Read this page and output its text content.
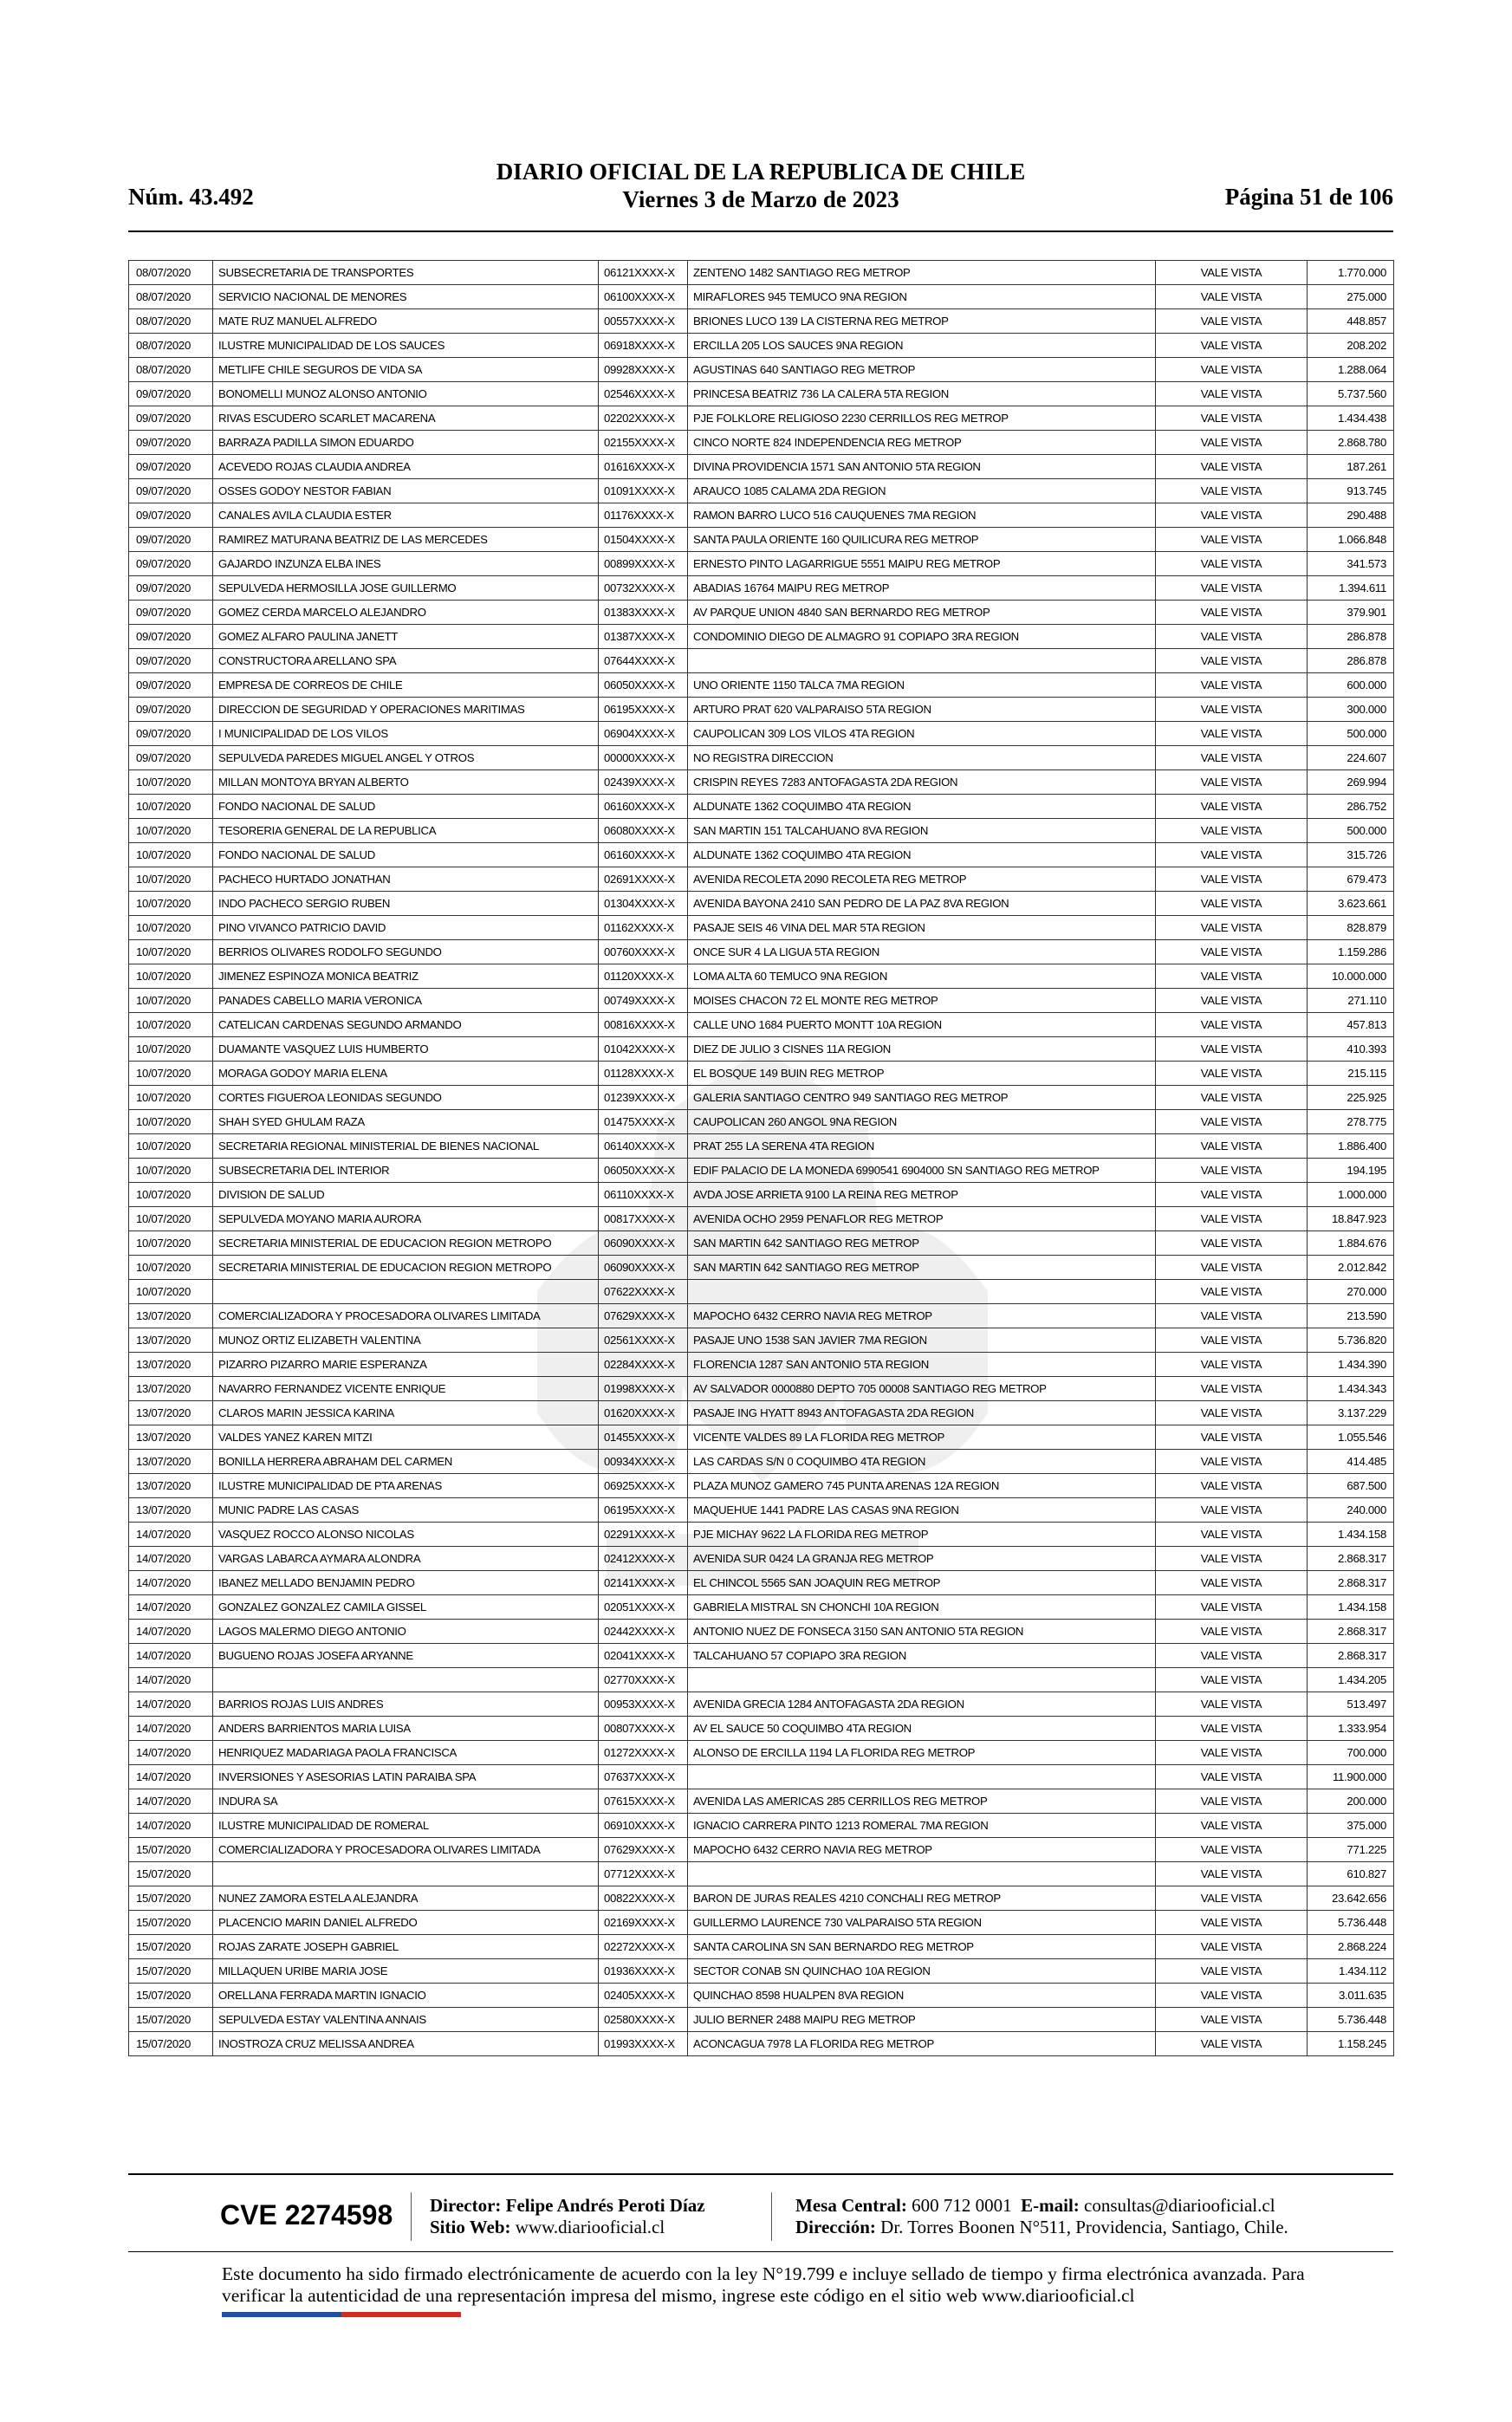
Núm. 43.492
DIARIO OFICIAL DE LA REPUBLICA DE CHILE
Viernes 3 de Marzo de 2023	Página 51 de 106
08/07/2020	SUBSECRETARIA DE TRANSPORTES	06121XXXX-X	ZENTENO 1482 SANTIAGO REG METROP	VALE VISTA	1.770.000
08/07/2020	SERVICIO NACIONAL DE MENORES	06100XXXX-X	MIRAFLORES 945 TEMUCO 9NA REGION	VALE VISTA	275.000
08/07/2020	MATE RUZ MANUEL ALFREDO	00557XXXX-X	BRIONES LUCO 139 LA CISTERNA REG METROP	VALE VISTA	448.857
08/07/2020	ILUSTRE MUNICIPALIDAD DE LOS SAUCES	06918XXXX-X	ERCILLA 205 LOS SAUCES 9NA REGION	VALE VISTA	208.202
08/07/2020	METLIFE CHILE SEGUROS DE VIDA SA	09928XXXX-X	AGUSTINAS 640 SANTIAGO REG METROP	VALE VISTA	1.288.064
09/07/2020	BONOMELLI MUNOZ ALONSO ANTONIO	02546XXXX-X	PRINCESA BEATRIZ 736 LA CALERA 5TA REGION	VALE VISTA	5.737.560
09/07/2020	RIVAS ESCUDERO SCARLET MACARENA	02202XXXX-X	PJE FOLKLORE RELIGIOSO 2230 CERRILLOS REG METROP	VALE VISTA	1.434.438
09/07/2020	BARRAZA PADILLA SIMON EDUARDO	02155XXXX-X	CINCO NORTE 824 INDEPENDENCIA REG METROP	VALE VISTA	2.868.780
09/07/2020	ACEVEDO ROJAS CLAUDIA ANDREA	01616XXXX-X	DIVINA PROVIDENCIA 1571 SAN ANTONIO 5TA REGION	VALE VISTA	187.261
09/07/2020	OSSES GODOY NESTOR FABIAN	01091XXXX-X	ARAUCO 1085 CALAMA 2DA REGION	VALE VISTA	913.745
09/07/2020	CANALES AVILA CLAUDIA ESTER	01176XXXX-X	RAMON BARRO LUCO 516 CAUQUENES 7MA REGION	VALE VISTA	290.488
09/07/2020	RAMIREZ MATURANA BEATRIZ DE LAS MERCEDES	01504XXXX-X	SANTA PAULA ORIENTE 160 QUILICURA REG METROP	VALE VISTA	1.066.848
09/07/2020	GAJARDO INZUNZA ELBA INES	00899XXXX-X	ERNESTO PINTO LAGARRIGUE 5551 MAIPU REG METROP	VALE VISTA	341.573
09/07/2020	SEPULVEDA HERMOSILLA JOSE GUILLERMO	00732XXXX-X	ABADIAS 16764 MAIPU REG METROP	VALE VISTA	1.394.611
09/07/2020	GOMEZ CERDA MARCELO ALEJANDRO	01383XXXX-X	AV PARQUE UNION 4840 SAN BERNARDO REG METROP	VALE VISTA	379.901
09/07/2020	GOMEZ ALFARO PAULINA JANETT	01387XXXX-X	CONDOMINIO DIEGO DE ALMAGRO 91 COPIAPO 3RA REGION	VALE VISTA	286.878
09/07/2020	CONSTRUCTORA ARELLANO SPA	07644XXXX-X		VALE VISTA	286.878
09/07/2020	EMPRESA DE CORREOS DE CHILE	06050XXXX-X	UNO ORIENTE 1150 TALCA 7MA REGION	VALE VISTA	600.000
09/07/2020	DIRECCION DE SEGURIDAD Y OPERACIONES MARITIMAS	06195XXXX-X	ARTURO PRAT 620 VALPARAISO 5TA REGION	VALE VISTA	300.000
09/07/2020	I MUNICIPALIDAD DE LOS VILOS	06904XXXX-X	CAUPOLICAN 309 LOS VILOS 4TA REGION	VALE VISTA	500.000
09/07/2020	SEPULVEDA PAREDES MIGUEL ANGEL Y OTROS	00000XXXX-X	NO REGISTRA DIRECCION	VALE VISTA	224.607
10/07/2020	MILLAN MONTOYA BRYAN ALBERTO	02439XXXX-X	CRISPIN REYES 7283 ANTOFAGASTA 2DA REGION	VALE VISTA	269.994
10/07/2020	FONDO NACIONAL DE SALUD	06160XXXX-X	ALDUNATE 1362 COQUIMBO 4TA REGION	VALE VISTA	286.752
10/07/2020	TESORERIA GENERAL DE LA REPUBLICA	06080XXXX-X	SAN MARTIN 151 TALCAHUANO 8VA REGION	VALE VISTA	500.000
10/07/2020	FONDO NACIONAL DE SALUD	06160XXXX-X	ALDUNATE 1362 COQUIMBO 4TA REGION	VALE VISTA	315.726
10/07/2020	PACHECO HURTADO JONATHAN	02691XXXX-X	AVENIDA RECOLETA 2090 RECOLETA REG METROP	VALE VISTA	679.473
10/07/2020	INDO PACHECO SERGIO RUBEN	01304XXXX-X	AVENIDA BAYONA 2410 SAN PEDRO DE LA PAZ 8VA REGION	VALE VISTA	3.623.661
10/07/2020	PINO VIVANCO PATRICIO DAVID	01162XXXX-X	PASAJE SEIS 46 VINA DEL MAR 5TA REGION	VALE VISTA	828.879
10/07/2020	BERRIOS OLIVARES RODOLFO SEGUNDO	00760XXXX-X	ONCE SUR 4 LA LIGUA 5TA REGION	VALE VISTA	1.159.286
10/07/2020	JIMENEZ ESPINOZA MONICA BEATRIZ	01120XXXX-X	LOMA ALTA 60 TEMUCO 9NA REGION	VALE VISTA	10.000.000
10/07/2020	PANADES CABELLO MARIA VERONICA	00749XXXX-X	MOISES CHACON 72 EL MONTE REG METROP	VALE VISTA	271.110
10/07/2020	CATELICAN CARDENAS SEGUNDO ARMANDO	00816XXXX-X	CALLE UNO 1684 PUERTO MONTT 10A REGION	VALE VISTA	457.813
10/07/2020	DUAMANTE VASQUEZ LUIS HUMBERTO	01042XXXX-X	DIEZ DE JULIO 3 CISNES 11A REGION	VALE VISTA	410.393
10/07/2020	MORAGA GODOY MARIA ELENA	01128XXXX-X	EL BOSQUE 149 BUIN REG METROP	VALE VISTA	215.115
10/07/2020	CORTES FIGUEROA LEONIDAS SEGUNDO	01239XXXX-X	GALERIA SANTIAGO CENTRO 949 SANTIAGO REG METROP	VALE VISTA	225.925
10/07/2020	SHAH SYED GHULAM RAZA	01475XXXX-X	CAUPOLICAN 260 ANGOL 9NA REGION	VALE VISTA	278.775
10/07/2020	SECRETARIA REGIONAL MINISTERIAL DE BIENES NACIONAL	06140XXXX-X	PRAT 255 LA SERENA 4TA REGION	VALE VISTA	1.886.400
10/07/2020	SUBSECRETARIA DEL INTERIOR	06050XXXX-X	EDIF PALACIO DE LA MONEDA 6990541 6904000 SN SANTIAGO REG METROP	VALE VISTA	194.195
10/07/2020	DIVISION DE SALUD	06110XXXX-X	AVDA JOSE ARRIETA 9100 LA REINA REG METROP	VALE VISTA	1.000.000
10/07/2020	SEPULVEDA MOYANO MARIA AURORA	00817XXXX-X	AVENIDA OCHO 2959 PENAFLOR REG METROP	VALE VISTA	18.847.923
10/07/2020	SECRETARIA MINISTERIAL DE EDUCACION REGION METROPO	06090XXXX-X	SAN MARTIN 642 SANTIAGO REG METROP	VALE VISTA	1.884.676
10/07/2020	SECRETARIA MINISTERIAL DE EDUCACION REGION METROPO	06090XXXX-X	SAN MARTIN 642 SANTIAGO REG METROP	VALE VISTA	2.012.842
10/07/2020		07622XXXX-X		VALE VISTA	270.000
13/07/2020	COMERCIALIZADORA Y PROCESADORA OLIVARES LIMITADA	07629XXXX-X	MAPOCHO 6432 CERRO NAVIA REG METROP	VALE VISTA	213.590
13/07/2020	MUNOZ ORTIZ ELIZABETH VALENTINA	02561XXXX-X	PASAJE UNO 1538 SAN JAVIER 7MA REGION	VALE VISTA	5.736.820
13/07/2020	PIZARRO PIZARRO MARIE ESPERANZA	02284XXXX-X	FLORENCIA 1287 SAN ANTONIO 5TA REGION	VALE VISTA	1.434.390
13/07/2020	NAVARRO FERNANDEZ VICENTE ENRIQUE	01998XXXX-X	AV SALVADOR 0000880 DEPTO 705 00008 SANTIAGO REG METROP	VALE VISTA	1.434.343
13/07/2020	CLAROS MARIN JESSICA KARINA	01620XXXX-X	PASAJE ING HYATT 8943 ANTOFAGASTA 2DA REGION	VALE VISTA	3.137.229
13/07/2020	VALDES YANEZ KAREN MITZI	01455XXXX-X	VICENTE VALDES 89 LA FLORIDA REG METROP	VALE VISTA	1.055.546
13/07/2020	BONILLA HERRERA ABRAHAM DEL CARMEN	00934XXXX-X	LAS CARDAS S/N 0 COQUIMBO 4TA REGION	VALE VISTA	414.485
13/07/2020	ILUSTRE MUNICIPALIDAD DE PTA ARENAS	06925XXXX-X	PLAZA MUNOZ GAMERO 745 PUNTA ARENAS 12A REGION	VALE VISTA	687.500
13/07/2020	MUNIC PADRE LAS CASAS	06195XXXX-X	MAQUEHUE 1441 PADRE LAS CASAS 9NA REGION	VALE VISTA	240.000
14/07/2020	VASQUEZ ROCCO ALONSO NICOLAS	02291XXXX-X	PJE MICHAY 9622 LA FLORIDA REG METROP	VALE VISTA	1.434.158
14/07/2020	VARGAS LABARCA AYMARA ALONDRA	02412XXXX-X	AVENIDA SUR 0424 LA GRANJA REG METROP	VALE VISTA	2.868.317
14/07/2020	IBANEZ MELLADO BENJAMIN PEDRO	02141XXXX-X	EL CHINCOL 5565 SAN JOAQUIN REG METROP	VALE VISTA	2.868.317
14/07/2020	GONZALEZ GONZALEZ CAMILA GISSEL	02051XXXX-X	GABRIELA MISTRAL SN CHONCHI 10A REGION	VALE VISTA	1.434.158
14/07/2020	LAGOS MALERMO DIEGO ANTONIO	02442XXXX-X	ANTONIO NUEZ DE FONSECA 3150 SAN ANTONIO 5TA REGION	VALE VISTA	2.868.317
14/07/2020	BUGUENO ROJAS JOSEFA ARYANNE	02041XXXX-X	TALCAHUANO 57 COPIAPO 3RA REGION	VALE VISTA	2.868.317
14/07/2020		02770XXXX-X		VALE VISTA	1.434.205
14/07/2020	BARRIOS ROJAS LUIS ANDRES	00953XXXX-X	AVENIDA GRECIA 1284 ANTOFAGASTA 2DA REGION	VALE VISTA	513.497
14/07/2020	ANDERS BARRIENTOS MARIA LUISA	00807XXXX-X	AV EL SAUCE 50 COQUIMBO 4TA REGION	VALE VISTA	1.333.954
14/07/2020	HENRIQUEZ MADARIAGA PAOLA FRANCISCA	01272XXXX-X	ALONSO DE ERCILLA 1194 LA FLORIDA REG METROP	VALE VISTA	700.000
14/07/2020	INVERSIONES Y ASESORIAS LATIN PARAIBA SPA	07637XXXX-X		VALE VISTA	11.900.000
14/07/2020	INDURA SA	07615XXXX-X	AVENIDA LAS AMERICAS 285 CERRILLOS REG METROP	VALE VISTA	200.000
14/07/2020	ILUSTRE MUNICIPALIDAD DE ROMERAL	06910XXXX-X	IGNACIO CARRERA PINTO 1213 ROMERAL 7MA REGION	VALE VISTA	375.000
15/07/2020	COMERCIALIZADORA Y PROCESADORA OLIVARES LIMITADA	07629XXXX-X	MAPOCHO 6432 CERRO NAVIA REG METROP	VALE VISTA	771.225
15/07/2020		07712XXXX-X		VALE VISTA	610.827
15/07/2020	NUNEZ ZAMORA ESTELA ALEJANDRA	00822XXXX-X	BARON DE JURAS REALES 4210 CONCHALI REG METROP	VALE VISTA	23.642.656
15/07/2020	PLACENCIO MARIN DANIEL ALFREDO	02169XXXX-X	GUILLERMO LAURENCE 730 VALPARAISO 5TA REGION	VALE VISTA	5.736.448
15/07/2020	ROJAS ZARATE JOSEPH GABRIEL	02272XXXX-X	SANTA CAROLINA SN SAN BERNARDO REG METROP	VALE VISTA	2.868.224
15/07/2020	MILLAQUEN URIBE MARIA JOSE	01936XXXX-X	SECTOR CONAB SN QUINCHAO 10A REGION	VALE VISTA	1.434.112
15/07/2020	ORELLANA FERRADA MARTIN IGNACIO	02405XXXX-X	QUINCHAO 8598 HUALPEN 8VA REGION	VALE VISTA	3.011.635
15/07/2020	SEPULVEDA ESTAY VALENTINA ANNAIS	02580XXXX-X	JULIO BERNER 2488 MAIPU REG METROP	VALE VISTA	5.736.448
15/07/2020	INOSTROZA CRUZ MELISSA ANDREA	01993XXXX-X	ACONCAGUA 7978 LA FLORIDA REG METROP	VALE VISTA	1.158.245
CVE 2274598 Director: Felipe Andrés Peroti Díaz
Sitio Web: www.diariooficial.cl
Mesa Central: 600 712 0001 E-mail: consultas@diariooficial.cl
Dirección: Dr. Torres Boonen N°511, Providencia, Santiago, Chile.
Este documento ha sido firmado electrónicamente de acuerdo con la ley N°19.799 e incluye sellado de tiempo y firma electrónica avanzada. Para verificar la autenticidad de una representación impresa del mismo, ingrese este código en el sitio web www.diariooficial.cl
